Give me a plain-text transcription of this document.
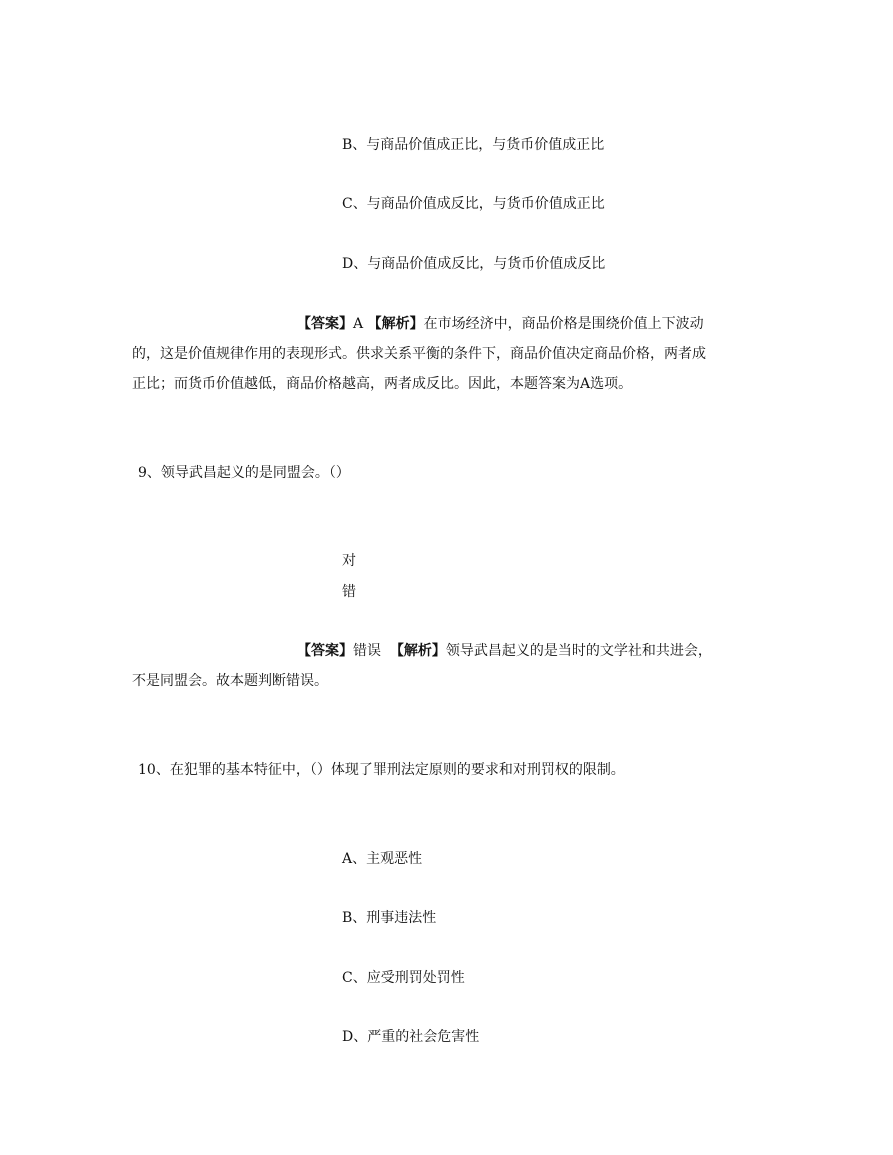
B、与商品价值成正比，与货币价值成正比
C、与商品价值成反比，与货币价值成正比
D、与商品价值成反比，与货币价值成反比
【答案】A 【解析】在市场经济中，商品价格是围绕价值上下波动
的，这是价值规律作用的表现形式。供求关系平衡的条件下，商品价值决定商品价格，两者成
正比；而货币价值越低，商品价格越高，两者成反比。因此，本题答案为A选项。
9、领导武昌起义的是同盟会。（）
对
错
【答案】错误 【解析】领导武昌起义的是当时的文学社和共进会，
不是同盟会。故本题判断错误。
10、在犯罪的基本特征中，（）体现了罪刑法定原则的要求和对刑罚权的限制。
A、主观恶性
B、刑事违法性
C、应受刑罚处罚性
D、严重的社会危害性
